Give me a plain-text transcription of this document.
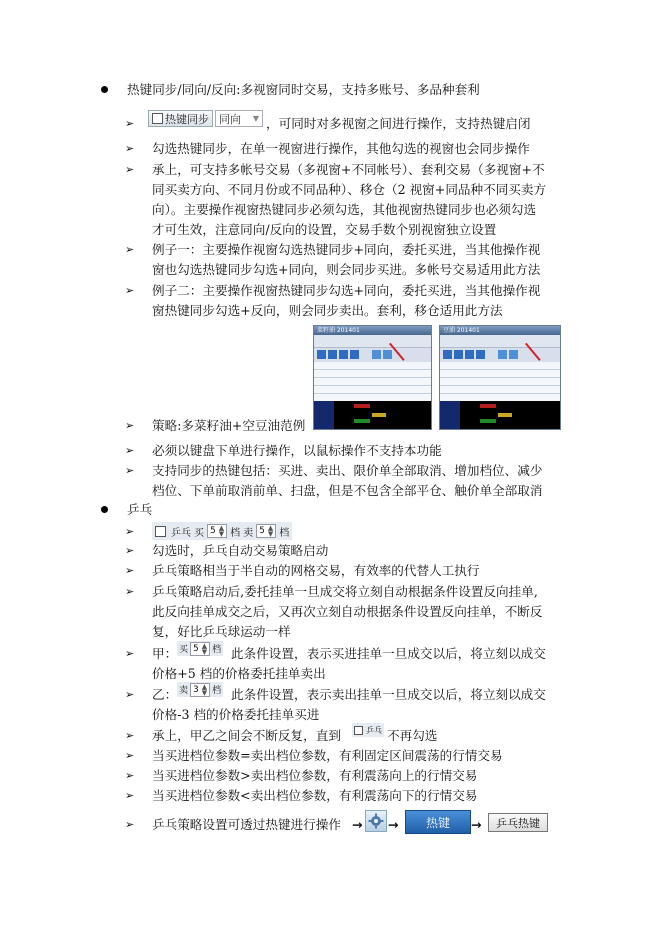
热键同步/同向/反向:多视窗同时交易，支持多账号、多品种套利
➢	热键同步 同向 ▼ ，可同时对多视窗之间进行操作，支持热键启闭
➢ 勾选热键同步，在单一视窗进行操作，其他勾选的视窗也会同步操作
➢ 承上，可支持多帐号交易（多视窗+不同帐号）、套利交易（多视窗+不
同买卖方向、不同月份或不同品种）、移仓（2 视窗+同品种不同买卖方
向）。主要操作视窗热键同步必须勾选，其他视窗热键同步也必须勾选
才可生效，注意同向/反向的设置，交易手数个别视窗独立设置
➢ 例子一：主要操作视窗勾选热键同步+同向，委托买进，当其他操作视
窗也勾选热键同步勾选+同向，则会同步买进。多帐号交易适用此方法
➢ 例子二：主要操作视窗热键同步勾选+同向，委托买进，当其他操作视
窗热键同步勾选+反向，则会同步卖出。套利，移仓适用此方法
➢ 策略:多菜籽油+空豆油范例
菜籽油 201401	豆油 201401
➢ 必须以键盘下单进行操作，以鼠标操作不支持本功能
➢ 支持同步的热键包括：买进、卖出、限价单全部取消、增加档位、减少
档位、下单前取消前单、扫盘，但是不包含全部平仓、触价单全部取消
乒乓
➢	乒乓 买 5 ▲
▼ 档 卖 5 ▲
▼ 档
➢ 勾选时，乒乓自动交易策略启动
➢ 乒乓策略相当于半自动的网格交易，有效率的代替人工执行
➢ 乒乓策略启动后,委托挂单一旦成交将立刻自动根据条件设置反向挂单,
此反向挂单成交之后，又再次立刻自动根据条件设置反向挂单，不断反
复，好比乒乓球运动一样
➢ 甲： 买 5 ▲
▼ 档 此条件设置，表示买进挂单一旦成交以后，将立刻以成交
价格+5 档的价格委托挂单卖出
➢ 乙： 卖 3 ▲
▼ 档 此条件设置，表示卖出挂单一旦成交以后，将立刻以成交
价格-3 档的价格委托挂单买进
➢ 承上，甲乙之间会不断反复，直到	乒乓 不再勾选
➢ 当买进档位参数=卖出档位参数，有利固定区间震荡的行情交易
➢ 当买进档位参数>卖出档位参数，有利震荡向上的行情交易
➢ 当买进档位参数<卖出档位参数，有利震荡向下的行情交易
➢ 乒乓策略设置可透过热键进行操作 → →	热键	→	乒乓热键
